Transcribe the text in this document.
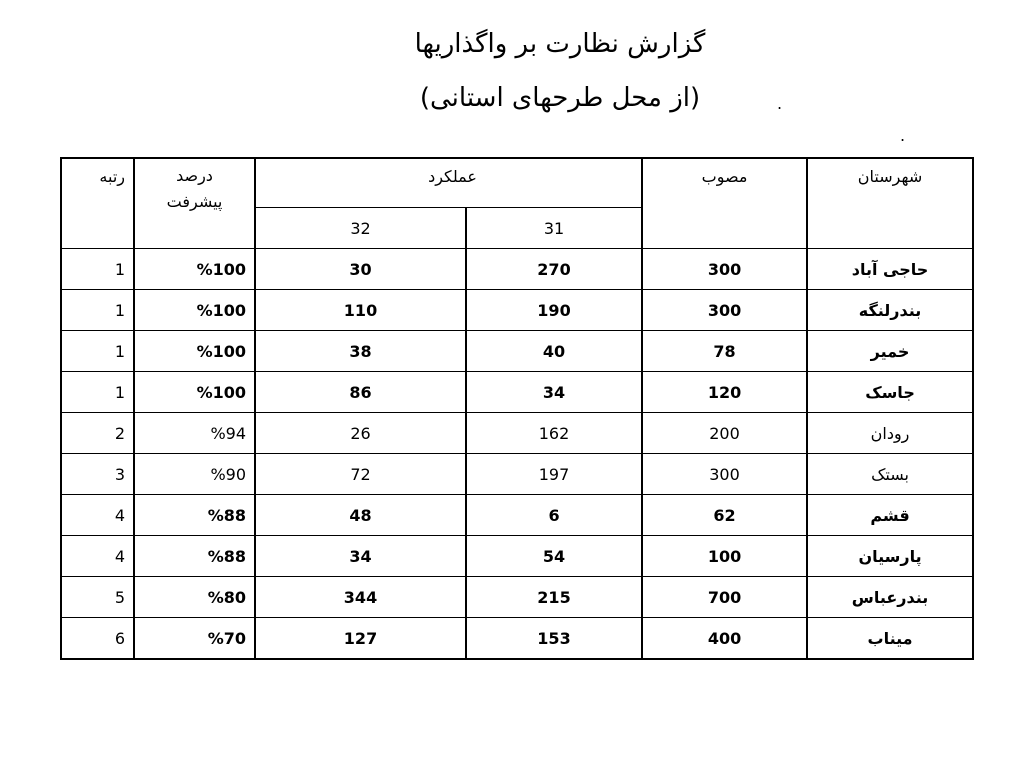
گزارش نظارت بر واگذاریها
(از محل طرحهای استانی)	.
.
رتبه	درصد
پیشرفت	عملکرد		مصوب	شهرستان
		32	31		
1	%100	30	270	300	حاجی آباد
1	%100	110	190	300	بندرلنگه
1	%100	38	40	78	خمیر
1	%100	86	34	120	جاسک
2	%94	26	162	200	رودان
3	%90	72	197	300	بستک
4	%88	48	6	62	قشم
4	%88	34	54	100	پارسیان
5	%80	344	215	700	بندرعباس
6	%70	127	153	400	میناب
